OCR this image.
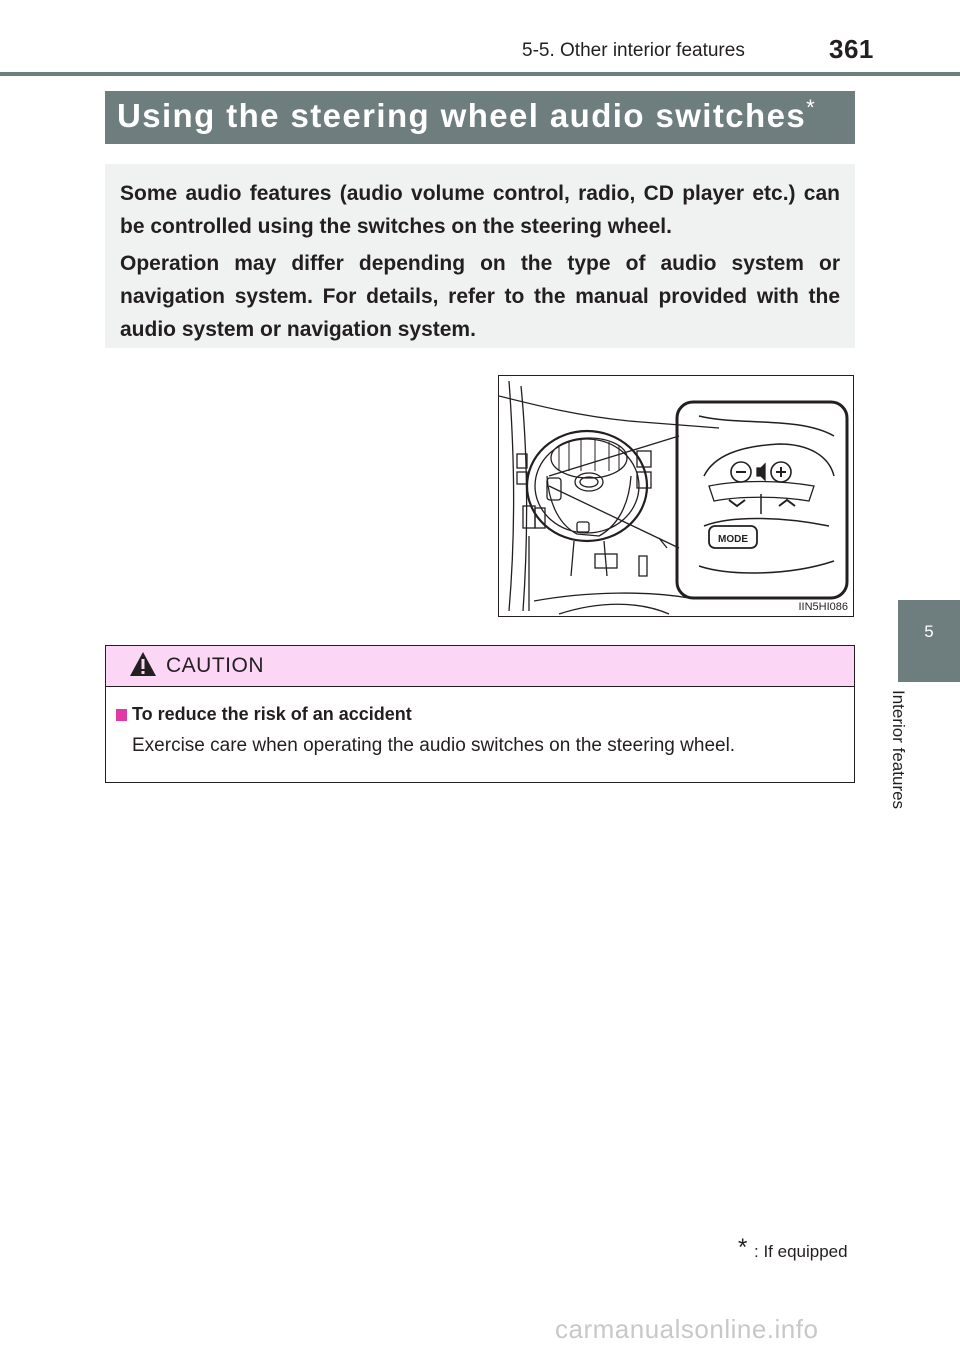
5-5. Other interior features	361
5
Interior features
Using the steering wheel audio switches *
Some audio features (audio volume control, radio, CD player etc.) can be controlled using the switches on the steering wheel.
Operation may differ depending on the type of audio system or navigation system. For details, refer to the manual provided with the audio system or navigation system.
MODE
IIN5HI086
CAUTION
To reduce the risk of an accident
Exercise care when operating the audio switches on the steering wheel.
* : If equipped
carmanualsonline.info
